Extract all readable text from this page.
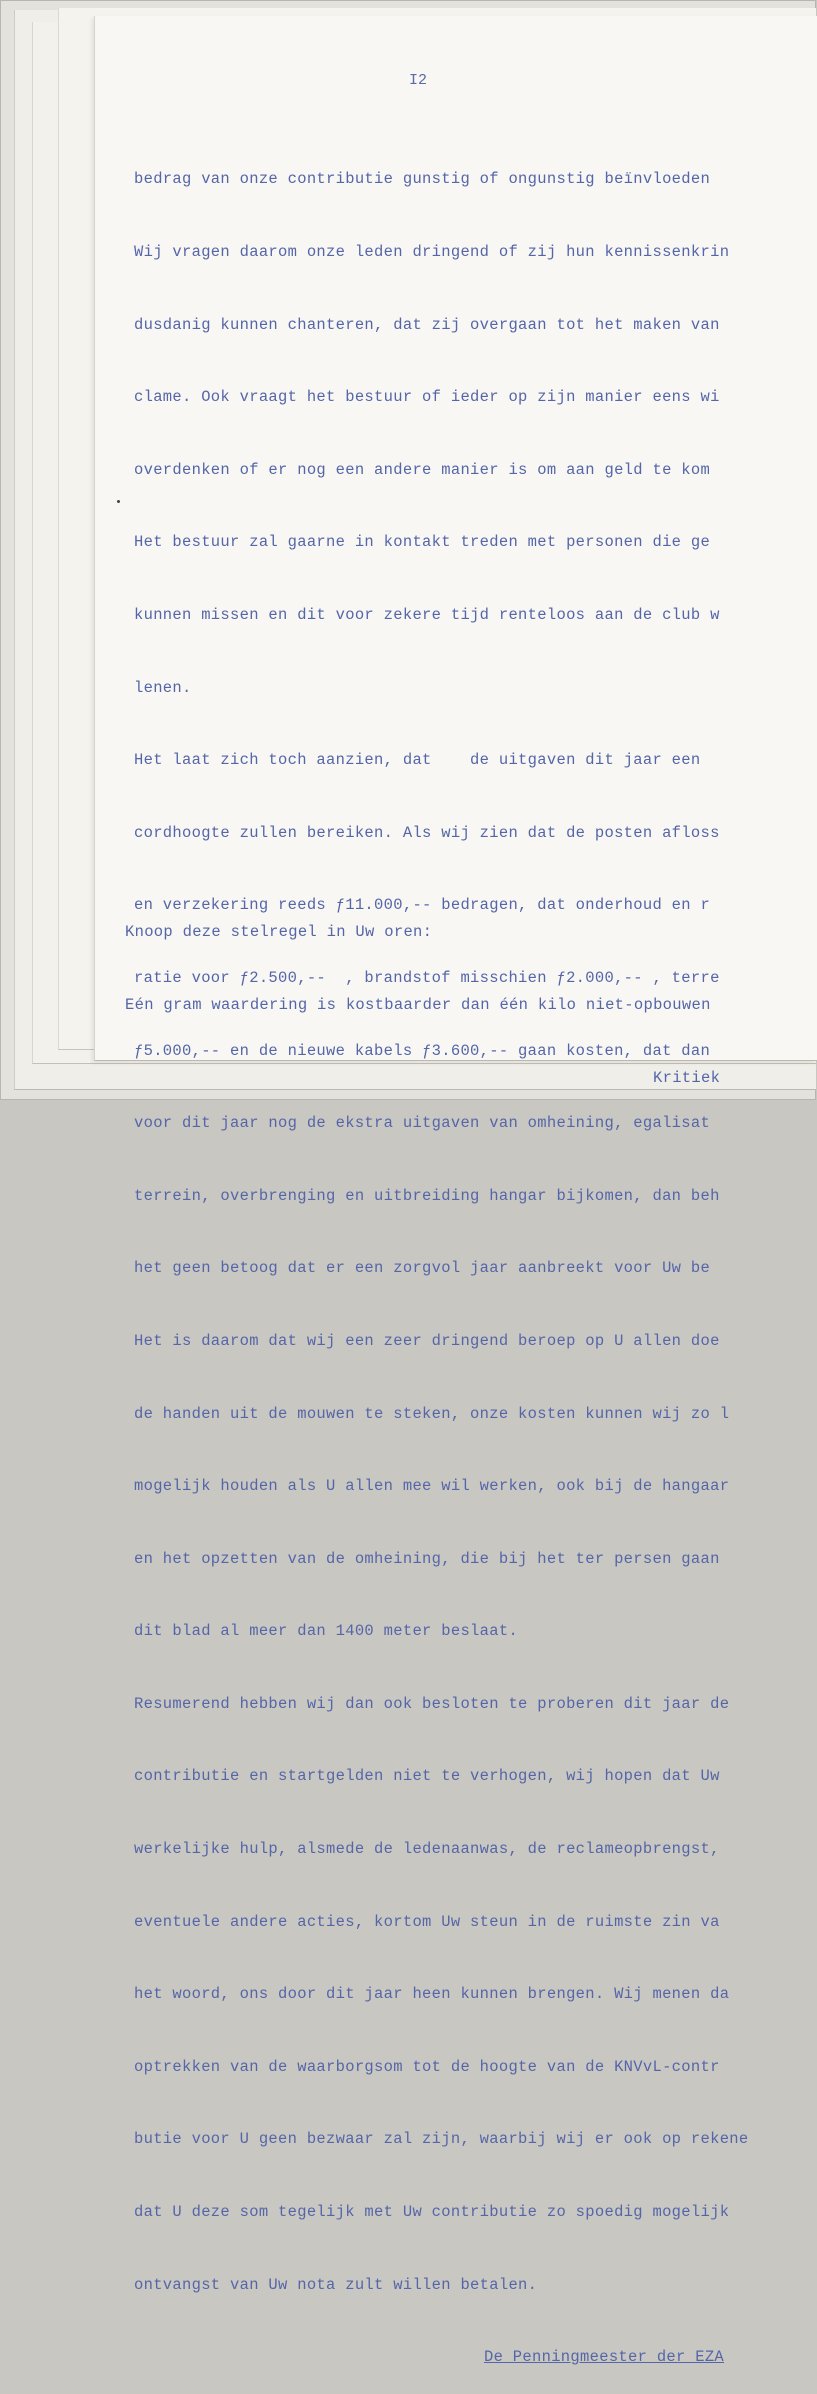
I2

bedrag van onze contributie gunstig of ongunstig beïnvloeden

Wij vragen daarom onze leden dringend of zij hun kennissenkrin

dusdanig kunnen chanteren, dat zij overgaan tot het maken van

clame. Ook vraagt het bestuur of ieder op zijn manier eens wi

overdenken of er nog een andere manier is om aan geld te kom

Het bestuur zal gaarne in kontakt treden met personen die ge

kunnen missen en dit voor zekere tijd renteloos aan de club w

lenen.

Het laat zich toch aanzien, dat    de uitgaven dit jaar een

cordhoogte zullen bereiken. Als wij zien dat de posten afloss

en verzekering reeds ƒ11.000,-- bedragen, dat onderhoud en r

ratie voor ƒ2.500,--  , brandstof misschien ƒ2.000,-- , terre

ƒ5.000,-- en de nieuwe kabels ƒ3.600,-- gaan kosten, dat dan

voor dit jaar nog de ekstra uitgaven van omheining, egalisat

terrein, overbrenging en uitbreiding hangar bijkomen, dan beh

het geen betoog dat er een zorgvol jaar aanbreekt voor Uw be

Het is daarom dat wij een zeer dringend beroep op U allen doe

de handen uit de mouwen te steken, onze kosten kunnen wij zo l

mogelijk houden als U allen mee wil werken, ook bij de hangaar

en het opzetten van de omheining, die bij het ter persen gaan

dit blad al meer dan 1400 meter beslaat.

Resumerend hebben wij dan ook besloten te proberen dit jaar de

contributie en startgelden niet te verhogen, wij hopen dat Uw

werkelijke hulp, alsmede de ledenaanwas, de reclameopbrengst,

eventuele andere acties, kortom Uw steun in de ruimste zin va

het woord, ons door dit jaar heen kunnen brengen. Wij menen da

optrekken van de waarborgsom tot de hoogte van de KNVvL-contr

butie voor U geen bezwaar zal zijn, waarbij wij er ook op rekene

dat U deze som tegelijk met Uw contributie zo spoedig mogelijk

ontvangst van Uw nota zult willen betalen.

De Penningmeester der EZA

Knoop deze stelregel in Uw oren:

Eén gram waardering is kostbaarder dan één kilo niet-opbouwen

Kritiek
